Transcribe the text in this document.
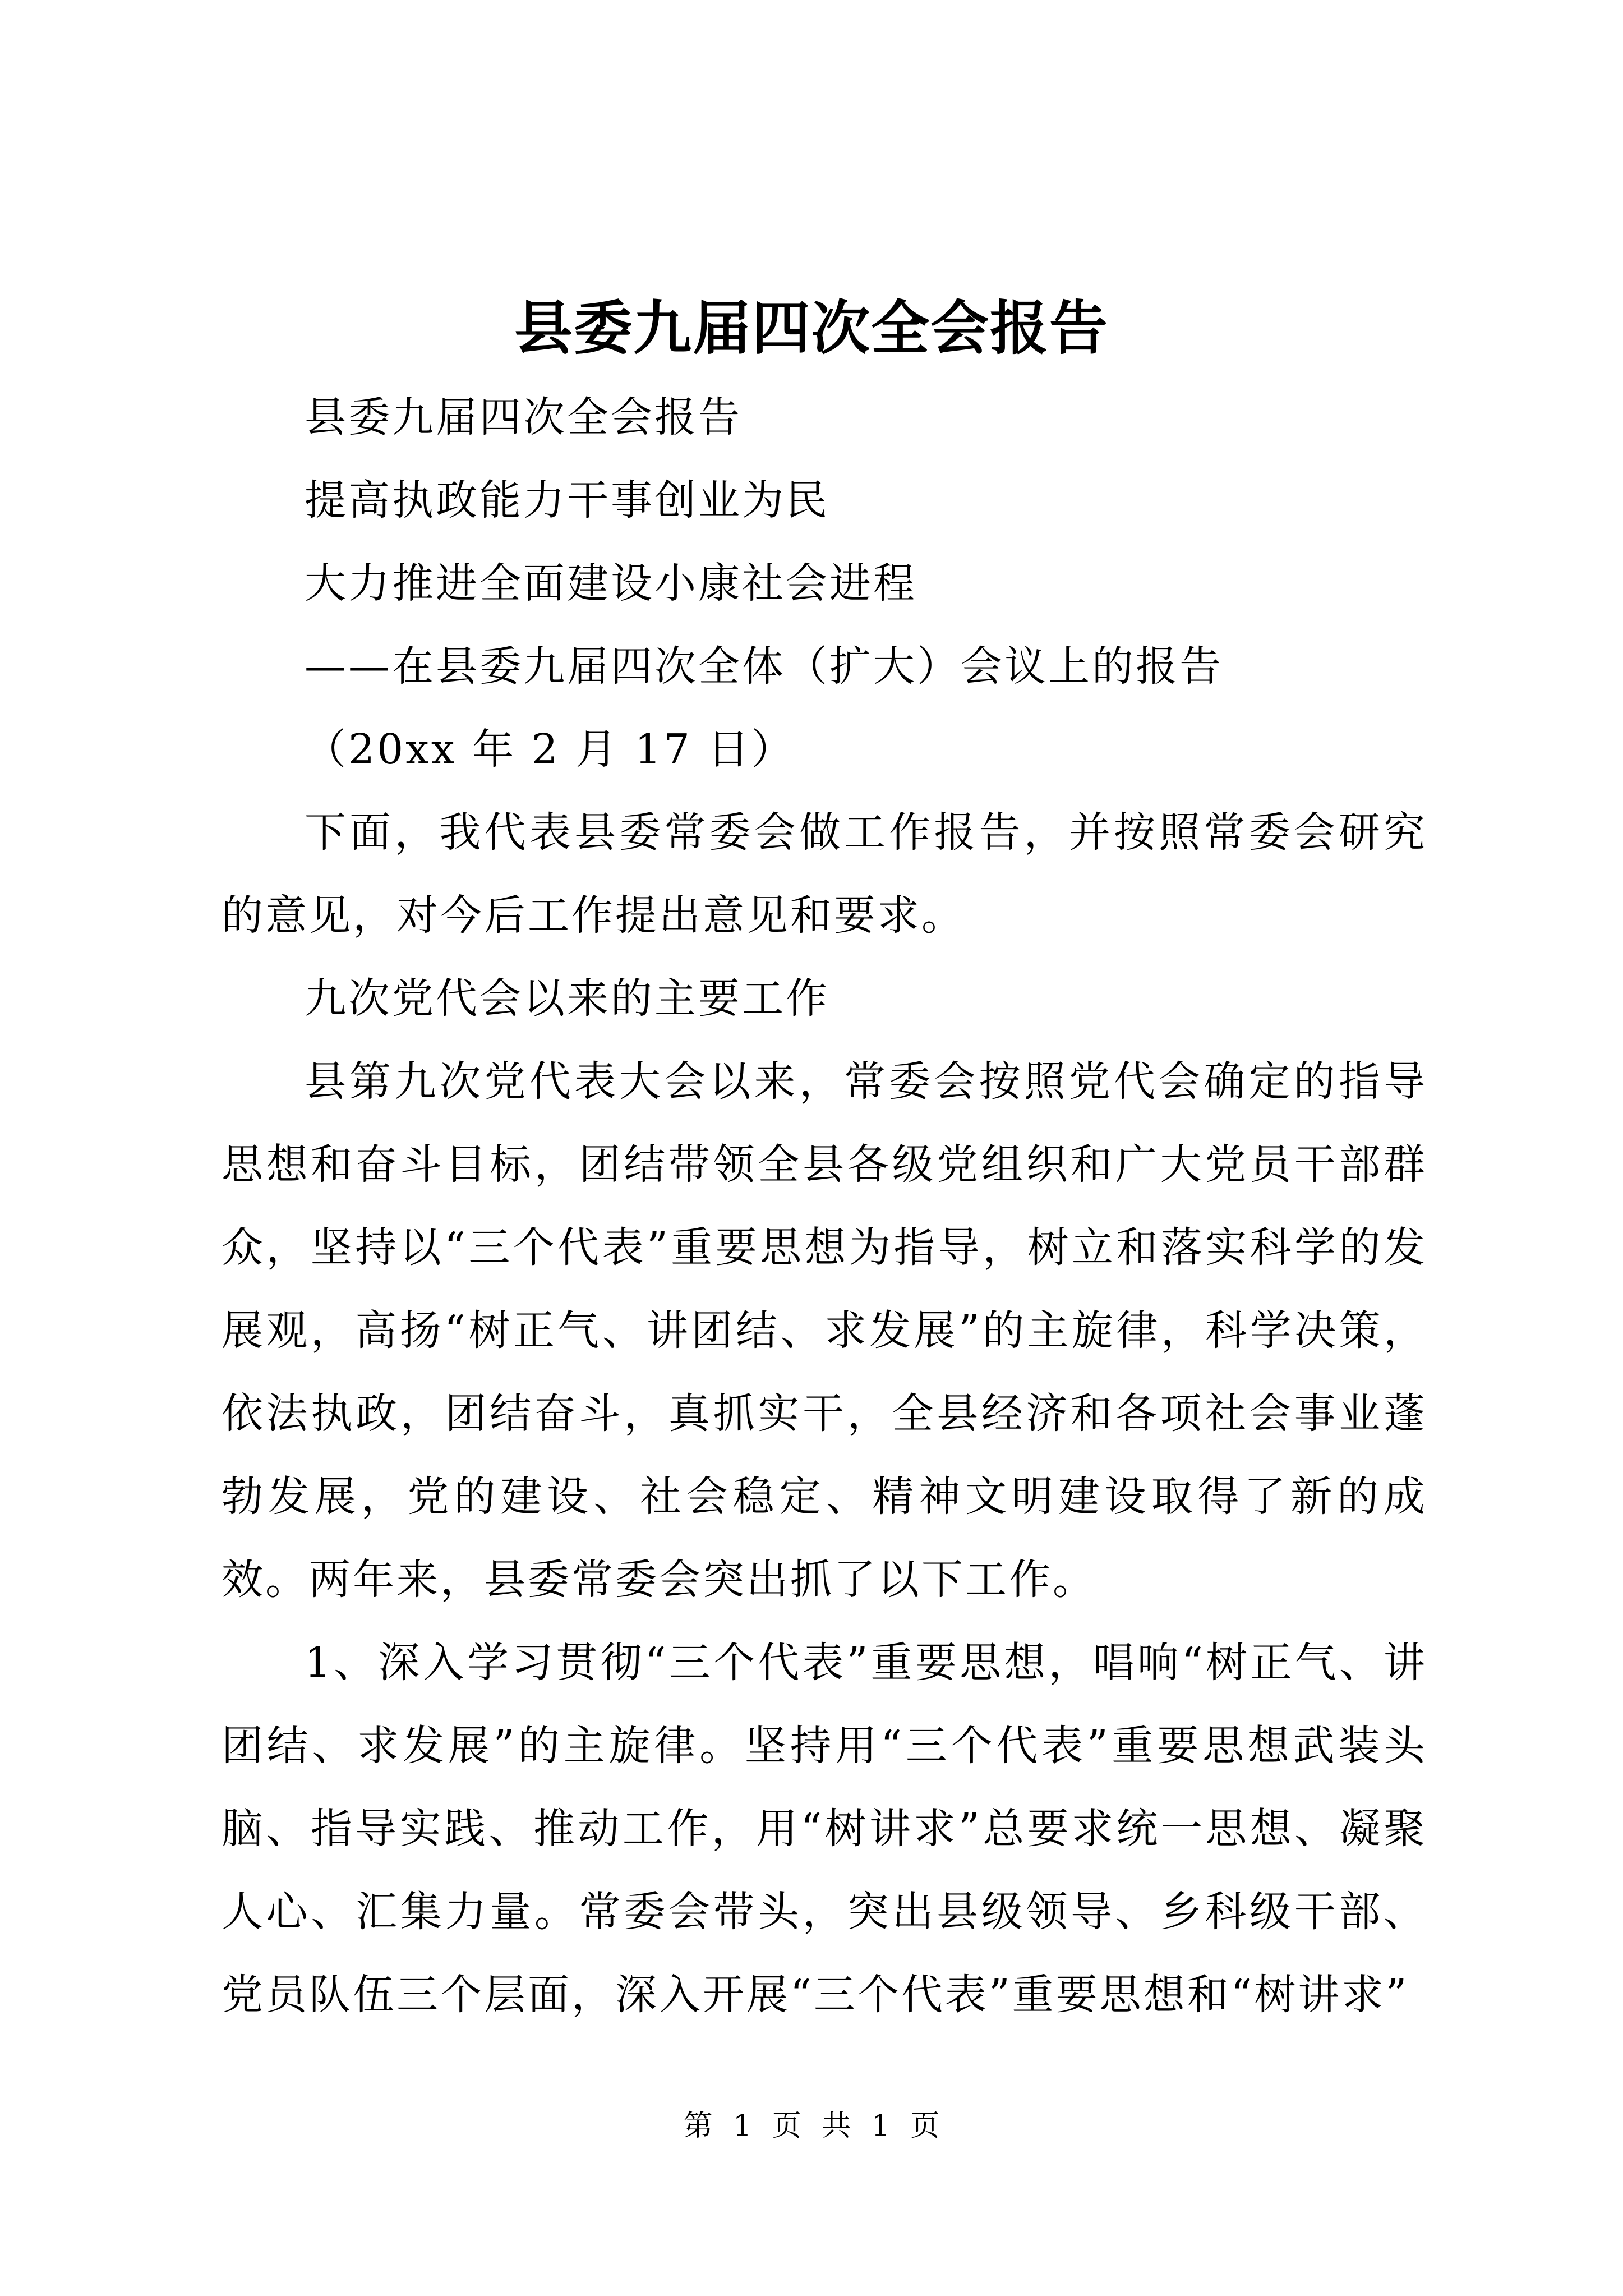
县委九届四次全会报告

县委九届四次全会报告

提高执政能力干事创业为民

大力推进全面建设小康社会进程

——在县委九届四次全体（扩大）会议上的报告

（20xx 年 2 月 17 日）

下面，我代表县委常委会做工作报告，并按照常委会研究的意见，对今后工作提出意见和要求。

九次党代会以来的主要工作

县第九次党代表大会以来，常委会按照党代会确定的指导思想和奋斗目标，团结带领全县各级党组织和广大党员干部群众，坚持以“三个代表”重要思想为指导，树立和落实科学的发展观，高扬“树正气、讲团结、求发展”的主旋律，科学决策，依法执政，团结奋斗，真抓实干，全县经济和各项社会事业蓬勃发展，党的建设、社会稳定、精神文明建设取得了新的成效。两年来，县委常委会突出抓了以下工作。

1、深入学习贯彻“三个代表”重要思想，唱响“树正气、讲团结、求发展”的主旋律。坚持用“三个代表”重要思想武装头脑、指导实践、推动工作，用“树讲求”总要求统一思想、凝聚人心、汇集力量。常委会带头，突出县级领导、乡科级干部、党员队伍三个层面，深入开展“三个代表”重要思想和“树讲求”

第 1 页 共 1 页
